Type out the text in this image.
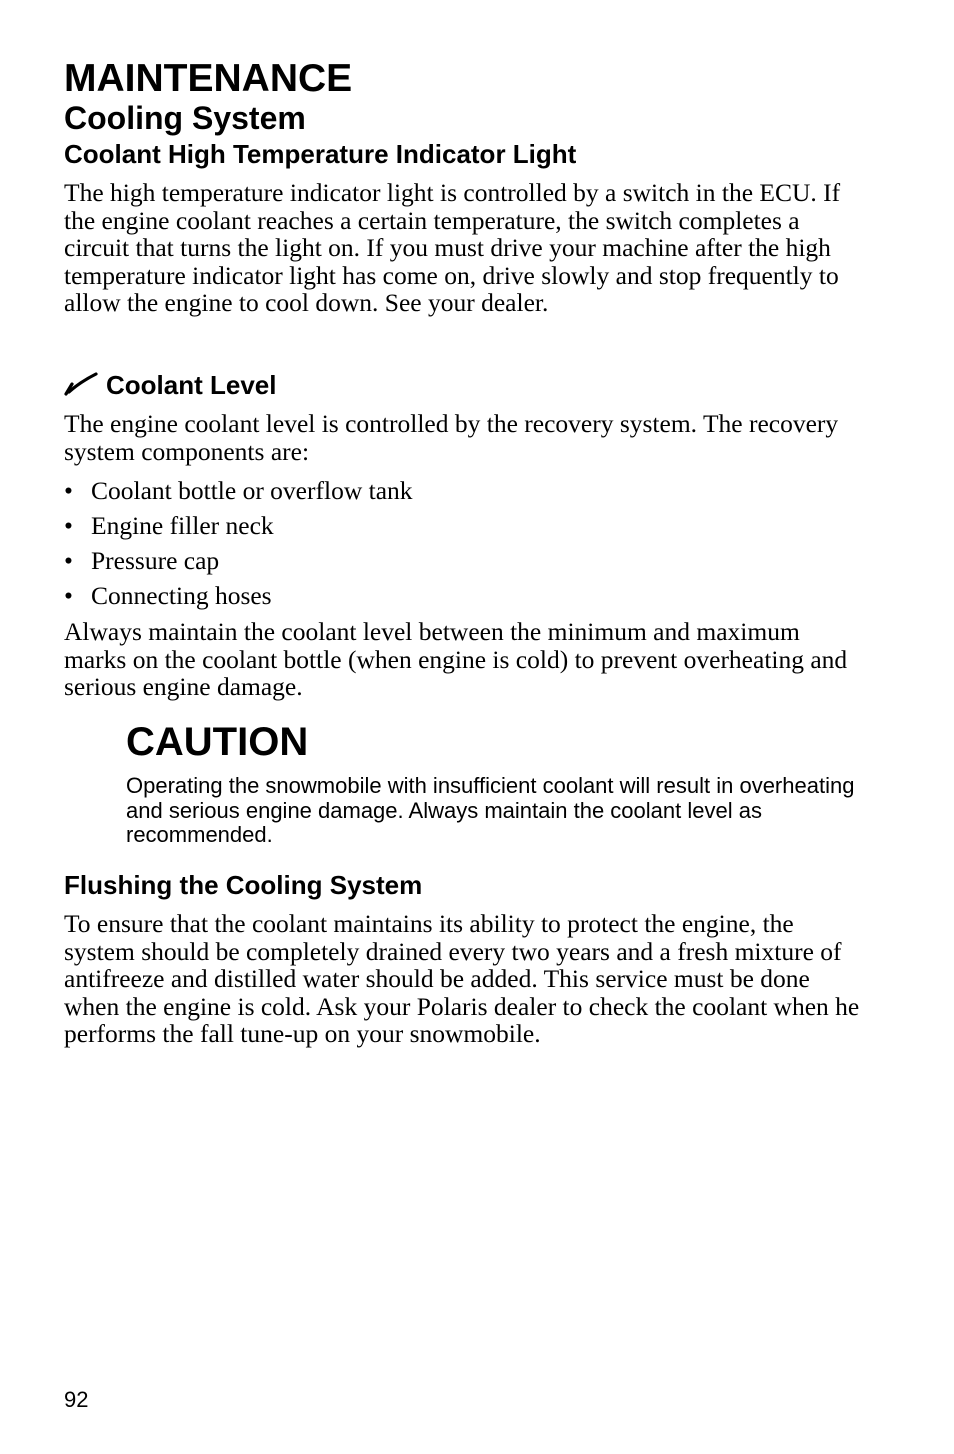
MAINTENANCE
Cooling System
Coolant High Temperature Indicator Light

The high temperature indicator light is controlled by a switch in the ECU. If the engine coolant reaches a certain temperature, the switch completes a circuit that turns the light on. If you must drive your machine after the high temperature indicator light has come on, drive slowly and stop frequently to allow the engine to cool down. See your dealer.

Coolant Level

The engine coolant level is controlled by the recovery system. The recovery system components are:

• Coolant bottle or overflow tank
• Engine filler neck
• Pressure cap
• Connecting hoses

Always maintain the coolant level between the minimum and maximum marks on the coolant bottle (when engine is cold) to prevent overheating and serious engine damage.

CAUTION

Operating the snowmobile with insufficient coolant will result in overheating and serious engine damage. Always maintain the coolant level as recommended.

Flushing the Cooling System

To ensure that the coolant maintains its ability to protect the engine, the system should be completely drained every two years and a fresh mixture of antifreeze and distilled water should be added. This service must be done when the engine is cold. Ask your Polaris dealer to check the coolant when he performs the fall tune-up on your snowmobile.

92
